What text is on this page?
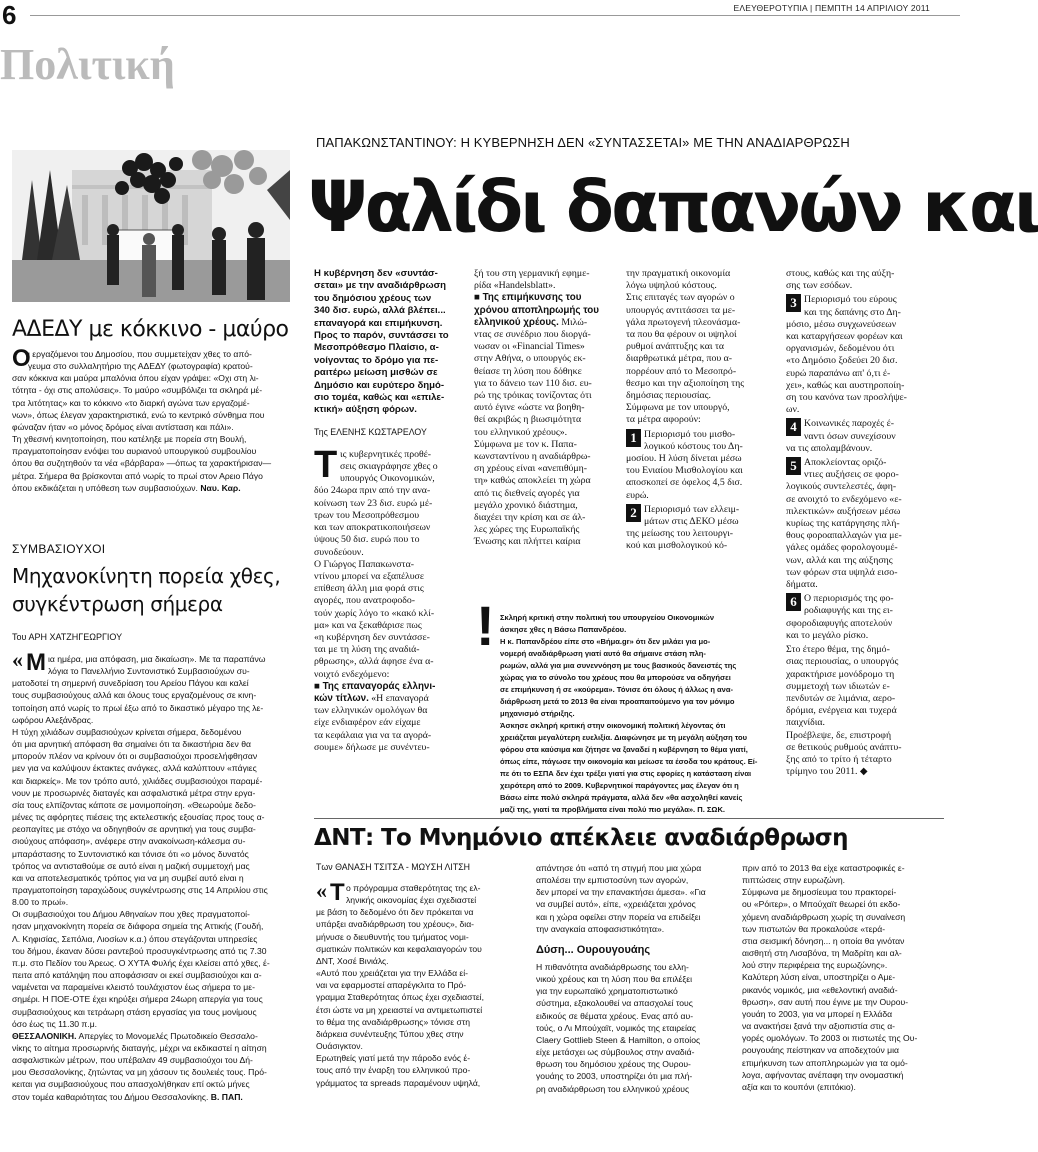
6	ΕΛΕΥΘΕΡΟΤΥΠΙΑ | ΠΕΜΠΤΗ 14 ΑΠΡΙΛΙΟΥ 2011
Πολιτική
ΑΔΕΔΥ με κόκκινο - μαύρο
Ο
ι εργαζόμενοι του Δημοσίου, που συμμετείχαν χθες το από-
γευμα στο συλλαλητήριο της ΑΔΕΔΥ (φωτογραφία) κρατού-
σαν κόκκινα και μαύρα μπαλόνια όπου είχαν γράψει: «Οχι στη λι-
τότητα - όχι στις απολύσεις». Το μαύρο «συμβόλιζει τα σκληρά μέ-
τρα λιτότητας» και το κόκκινο «το διαρκή αγώνα των εργαζομέ-
νων», όπως έλεγαν χαρακτηριστικά, ενώ το κεντρικό σύνθημα που
φώναζαν ήταν «ο μόνος δρόμος είναι αντίσταση και πάλι».
Τη χθεσινή κινητοποίηση, που κατέληξε με πορεία στη Βουλή,
πραγματοποίησαν ενόψει του αυριανού υπουργικού συμβουλίου
όπου θα συζητηθούν τα νέα «βάρβαρα» —όπως τα χαρακτήρισαν—
μέτρα. Σήμερα θα βρίσκονται από νωρίς το πρωί στον Αρειο Πάγο
όπου εκδικάζεται η υπόθεση των συμβασιούχων. Ναυ. Καρ.
ΣΥΜΒΑΣΙΟΥΧΟΙ
Μηχανοκίνητη πορεία χθες,
συγκέντρωση σήμερα
Του ΑΡΗ ΧΑΤΖΗΓΕΩΡΓΙΟΥ
« Μ ια ημέρα, μια απόφαση, μια δικαίωση». Με τα παραπάνω
λόγια το Πανελλήνιο Συντονιστικό Συμβασιούχων συ-
ματοδοτεί τη σημερινή συνεδρίαση του Αρείου Πάγου και καλεί
τους συμβασιούχους αλλά και όλους τους εργαζομένους σε κινη-
τοποίηση από νωρίς το πρωί έξω από το δικαστικό μέγαρο της λε-
ωφόρου Αλεξάνδρας.
Η τύχη χιλιάδων συμβασιούχων κρίνεται σήμερα, δεδομένου
ότι μια αρνητική απόφαση θα σημαίνει ότι τα δικαστήρια δεν θα
μπορούν πλέον να κρίνουν ότι οι συμβασιούχοι προσελήφθησαν
μεν για να καλύψουν έκτακτες ανάγκες, αλλά καλύπτουν «πάγιες
και διαρκείς». Με τον τρόπο αυτό, χιλιάδες συμβασιούχοι παραμέ-
νουν με προσωρινές διαταγές και ασφαλιστικά μέτρα στην εργα-
σία τους ελπίζοντας κάποτε σε μονιμοποίηση. «Θεωρούμε δεδο-
μένες τις αφόρητες πιέσεις της εκτελεστικής εξουσίας προς τους α-
ρεοπαγίτες με στόχο να οδηγηθούν σε αρνητική για τους συμβα-
σιούχους απόφαση», ανέφερε στην ανακοίνωση-κάλεσμα συ-
μπαράστασης το Συντονιστικό και τόνισε ότι «ο μόνος δυνατός
τρόπος να αντισταθούμε σε αυτό είναι η μαζική συμμετοχή μας
και να αποτελεσματικός τρόπος για να μη συμβεί αυτό είναι η
πραγματοποίηση ταραχώδους συγκέντρωσης στις 14 Απριλίου στις
8.00 το πρωί».
Οι συμβασιούχοι του Δήμου Αθηναίων που χθες πραγματοποί-
ησαν μηχανοκίνητη πορεία σε διάφορα σημεία της Αττικής (Γουδή,
Λ. Κηφισίας, Σεπόλια, Λιοσίων κ.α.) όπου στεγάζονται υπηρεσίες
του δήμου, έκαναν δύσει ραντεβού προσυγκέντρωσης από τις 7.30
π.μ. στο Πεδίον του Άρεως. Ο ΧΥΤΑ Φυλής έχει κλείσει από χθες, έ-
πειτα από κατάληψη που αποφάσισαν οι εκεί συμβασιούχοι και α-
ναμένεται να παραμείνει κλειστό τουλάχιστον έως σήμερα το με-
σημέρι. Η ΠΟΕ-ΟΤΕ έχει κηρύξει σήμερα 24ωρη απεργία για τους
συμβασιούχους και τετράωρη στάση εργασίας για τους μονίμους
όσο έως τις 11.30 π.μ.
ΘΕΣΣΑΛΟΝΙΚΗ. Απεργίες το Μονομελές Πρωτοδικείο Θεσσαλο-
νίκης το αίτημα προσωρινής διαταγής, μέχρι να εκδικαστεί η αίτηση
ασφαλιστικών μέτρων, που υπέβαλαν 49 συμβασιούχοι του Δή-
μου Θεσσαλονίκης, ζητώντας να μη χάσουν τις δουλειές τους. Πρό-
κειται για συμβασιούχους που απασχολήθηκαν επί οκτώ μήνες
στον τομέα καθαριότητας του Δήμου Θεσσαλονίκης. Β. ΠΑΠ.
ΠΑΠΑΚΩΝΣΤΑΝΤΙΝΟΥ: Η ΚΥΒΕΡΝΗΣΗ ΔΕΝ «ΣΥΝΤΑΣΣΕΤΑΙ» ΜΕ ΤΗΝ ΑΝΑΔΙΑΡΘΡΩΣΗ
Ψαλίδι δαπανών και
Η κυβέρνηση δεν «συντάσ-
σεται» με την αναδιάρθρωση
του δημόσιου χρέους των
340 δισ. ευρώ, αλλά βλέπει...
επαναγορά και επιμήκυνση.
Προς το παρόν, συντάσσει το
Μεσοπρόθεσμο Πλαίσιο, α-
νοίγοντας το δρόμο για πε-
ραιτέρω μείωση μισθών σε
Δημόσιο και ευρύτερο δημό-
σιο τομέα, καθώς και «επιλε-
κτική» αύξηση φόρων.
Της ΕΛΕΝΗΣ ΚΩΣΤΑΡΕΛΟΥ
Τ ις κυβερνητικές προθέ-
σεις σκιαγράφησε χθες ο
υπουργός Οικονομικών,
δύο 24ωρα πριν από την ανα-
κοίνωση των 23 δισ. ευρώ μέ-
τρων του Μεσοπρόθεσμου
και των αποκρατικοποιήσεων
ύψους 50 δισ. ευρώ που το
συνοδεύουν.
Ο Γιώργος Παπακωνστα-
ντίνου μπορεί να εξαπέλυσε
επίθεση άλλη μια φορά στις
αγορές, που ανατροφοδο-
τούν χωρίς λόγο το «κακό κλί-
μα» και να ξεκαθάρισε πως
«η κυβέρνηση δεν συντάσσε-
ται με τη λύση της αναδιά-
ρθρωσης», αλλά άφησε ένα α-
νοιχτό ενδεχόμενο:
■ Της επαναγοράς ελληνι-
κών τίτλων. «Η επαναγορά
των ελληνικών ομολόγων θα
είχε ενδιαφέρον εάν είχαμε
τα κεφάλαια για να τα αγορά-
σουμε» δήλωσε με συνέντευ-
ξή του στη γερμανική εφημε-
ρίδα «Handelsblatt».
■ Της επιμήκυνσης του
χρόνου αποπληρωμής του
ελληνικού χρέους. Μιλώ-
ντας σε συνέδριο που διοργά-
νωσαν οι «Financial Times»
στην Αθήνα, ο υπουργός εκ-
θείασε τη λύση που δόθηκε
για το δάνειο των 110 δισ. ευ-
ρώ της τρόικας τονίζοντας ότι
αυτό έγινε «ώστε να βοηθη-
θεί ακριβώς η βιωσιμότητα
του ελληνικού χρέους».
Σύμφωνα με τον κ. Παπα-
κωνσταντίνου η αναδιάρθρω-
ση χρέους είναι «ανεπιθύμη-
τη» καθώς αποκλείει τη χώρα
από τις διεθνείς αγορές για
μεγάλο χρονικό διάστημα,
διαχέει την κρίση και σε άλ-
λες χώρες της Ευρωπαϊκής
Ένωσης και πλήττει καίρια
την πραγματική οικονομία
λόγω υψηλού κόστους.
Στις επιταγές των αγορών ο
υπουργός αντιτάσσει τα με-
γάλα πρωτογενή πλεονάσμα-
τα που θα φέρουν οι υψηλοί
ρυθμοί ανάπτυξης και τα
διαρθρωτικά μέτρα, που α-
πορρέουν από το Μεσοπρό-
θεσμο και την αξιοποίηση της
δημόσιας περιουσίας.
Σύμφωνα με τον υπουργό,
τα μέτρα αφορούν:
1 Περιορισμό του μισθο-
λογικού κόστους του Δη-
μοσίου. Η λύση δίνεται μέσω
του Ενιαίου Μισθολογίου και
αποσκοπεί σε όφελος 4,5 δισ.
ευρώ.
2 Περιορισμό των ελλειμ-
μάτων στις ΔΕΚΟ μέσω
της μείωσης του λειτουργι-
κού και μισθολογικού κό-
στους, καθώς και της αύξη-
σης των εσόδων.
3 Περιορισμό του εύρους
και της δαπάνης στο Δη-
μόσιο, μέσω συγχωνεύσεων
και καταργήσεων φορέων και
οργανισμών, δεδομένου ότι
«το Δημόσιο ξοδεύει 20 δισ.
ευρώ παραπάνω απ' ό,τι έ-
χει», καθώς και αυστηροποίη-
ση του κανόνα των προσλήψε-
ων.
4 Κοινωνικές παροχές έ-
ναντι όσων συνεχίσουν
να τις απολαμβάνουν.
5 Αποκλείοντας οριζό-
ντιες αυξήσεις σε φορο-
λογικούς συντελεστές, άφη-
σε ανοιχτό το ενδεχόμενο «ε-
πιλεκτικών» αυξήσεων μέσω
κυρίως της κατάργησης πλή-
θους φοροαπαλλαγών για με-
γάλες ομάδες φορολογουμέ-
νων, αλλά και της αύξησης
των φόρων στα υψηλά εισο-
δήματα.
6 Ο περιορισμός της φο-
ροδιαφυγής και της ει-
σφοροδιαφυγής αποτελούν
και το μεγάλο ρίσκο.
Στο έτερο θέμα, της δημό-
σιας περιουσίας, ο υπουργός
χαρακτήρισε μονόδρομο τη
συμμετοχή των ιδιωτών ε-
πενδυτών σε λιμάνια, αερο-
δρόμια, ενέργεια και τυχερά
παιχνίδια.
Προέβλεψε, δε, επιστροφή
σε θετικούς ρυθμούς ανάπτυ-
ξης από το τρίτο ή τέταρτο
τρίμηνο του 2011. ◆
! Σκληρή κριτική στην πολιτική του υπουργείου Οικονομικών
άσκησε χθες η Βάσω Παπανδρέου.
Η κ. Παπανδρέου είπε στο «Βήμα.gr» ότι δεν μιλάει για μο-
νομερή αναδιάρθρωση γιατί αυτό θα σήμαινε στάση πλη-
ρωμών, αλλά για μια συνεννόηση με τους βασικούς δανειστές της
χώρας για το σύνολο του χρέους που θα μπορούσε να οδηγήσει
σε επιμήκυνση ή σε «κούρεμα». Τόνισε ότι όλους ή άλλως η ανα-
διάρθρωση μετά το 2013 θα είναι προαπαιτούμενο για τον μόνιμο
μηχανισμό στήριξης.
Άσκησε σκληρή κριτική στην οικονομική πολιτική λέγοντας ότι
χρειάζεται μεγαλύτερη ευελιξία. Διαφώνησε με τη μεγάλη αύξηση του
φόρου στα καύσιμα και ζήτησε να ξαναδεί η κυβέρνηση το θέμα γιατί,
όπως είπε, πάγωσε την οικονομία και μείωσε τα έσοδα του κράτους. Εί-
πε ότι το ΕΣΠΑ δεν έχει τρέξει γιατί για στις εφορίες η κατάσταση είναι
χειρότερη από το 2009. Κυβερνητικοί παράγοντες μας έλεγαν ότι η
Βάσω είπε πολύ σκληρά πράγματα, αλλά δεν «θα ασχοληθεί κανείς
μαζί της, γιατί τα προβλήματα είναι πολύ πιο μεγάλα». Π. ΣΩΚ.
ΔΝΤ: Το Μνημόνιο απέκλειε αναδιάρθρωση
Των ΘΑΝΑΣΗ ΤΣΙΤΣΑ - ΜΩΥΣΗ ΛΙΤΣΗ
« Τ ο πρόγραμμα σταθερότητας της ελ-
ληνικής οικονομίας έχει σχεδιαστεί
με βάση το δεδομένο ότι δεν πρόκειται να
υπάρξει αναδιάρθρωση του χρέους», δια-
μήνυσε ο διευθυντής του τμήματος νομι-
σματικών πολιτικών και κεφαλαιαγορών του
ΔΝΤ, Χοσέ Βινιάλς.
«Αυτό που χρειάζεται για την Ελλάδα εί-
ναι να εφαρμοστεί απαρέγκλιτα το Πρό-
γραμμα Σταθερότητας όπως έχει σχεδιαστεί,
έτσι ώστε να μη χρειαστεί να αντιμετωπιστεί
το θέμα της αναδιάρθρωσης» τόνισε στη
διάρκεια συνέντευξης Τύπου χθες στην
Ουάσιγκτον.
Ερωτηθείς γιατί μετά την πάροδο ενός έ-
τους από την έναρξη του ελληνικού προ-
γράμματος τα spreads παραμένουν υψηλά,
απάντησε ότι «από τη στιγμή που μια χώρα
απολέσει την εμπιστοσύνη των αγορών,
δεν μπορεί να την επανακτήσει άμεσα». «Για
να συμβεί αυτό», είπε, «χρειάζεται χρόνος
και η χώρα οφείλει στην πορεία να επιδείξει
την αναγκαία αποφασιστικότητα».
Δύση... Ουρουγουάης
Η πιθανότητα αναδιάρθρωσης του ελλη-
νικού χρέους και τη λύση που θα επιλέξει
για την ευρωπαϊκό χρηματοπιστωτικό
σύστημα, εξακολουθεί να απασχολεί τους
ειδικούς σε θέματα χρέους. Ενας από αυ-
τούς, ο Λι Μπούχαϊτ, νομικός της εταιρείας
Claery Gottlieb Steen & Hamilton, ο οποίος
είχε μετάσχει ως σύμβουλος στην αναδιά-
θρωση του δημόσιου χρέους της Ουρου-
γουάης το 2003, υποστηρίζει ότι μια πλή-
ρη αναδιάρθρωση του ελληνικού χρέους
πριν από το 2013 θα είχε καταστροφικές ε-
πιπτώσεις στην ευρωζώνη.
Σύμφωνα με δημοσίευμα του πρακτορεί-
ου «Ρόιτερ», ο Μπούχαϊτ θεωρεί ότι εκδο-
χόμενη αναδιάρθρωση χωρίς τη συναίνεση
των πιστωτών θα προκαλούσε «τερά-
στια σεισμική δόνηση... η οποία θα γινόταν
αισθητή στη Λισαβόνα, τη Μαδρίτη και αλ-
λού στην περιφέρεια της ευρωζώνης».
Καλύτερη λύση είναι, υποστηρίζει ο Αμε-
ρικανός νομικός, μια «εθελοντική αναδιά-
θρωση», σαν αυτή που έγινε με την Ουρου-
γουάη το 2003, για να μπορεί η Ελλάδα
να ανακτήσει ξανά την αξιοπιστία στις α-
γορές ομολόγων. Το 2003 οι πιστωτές της Ου-
ρουγουάης πείστηκαν να αποδεχτούν μια
επιμήκυνση των αποπληρωμών για τα ομό-
λογα, αφήνοντας ανέπαφη την ονομαστική
αξία και το κουπόνι (επιτόκιο).
